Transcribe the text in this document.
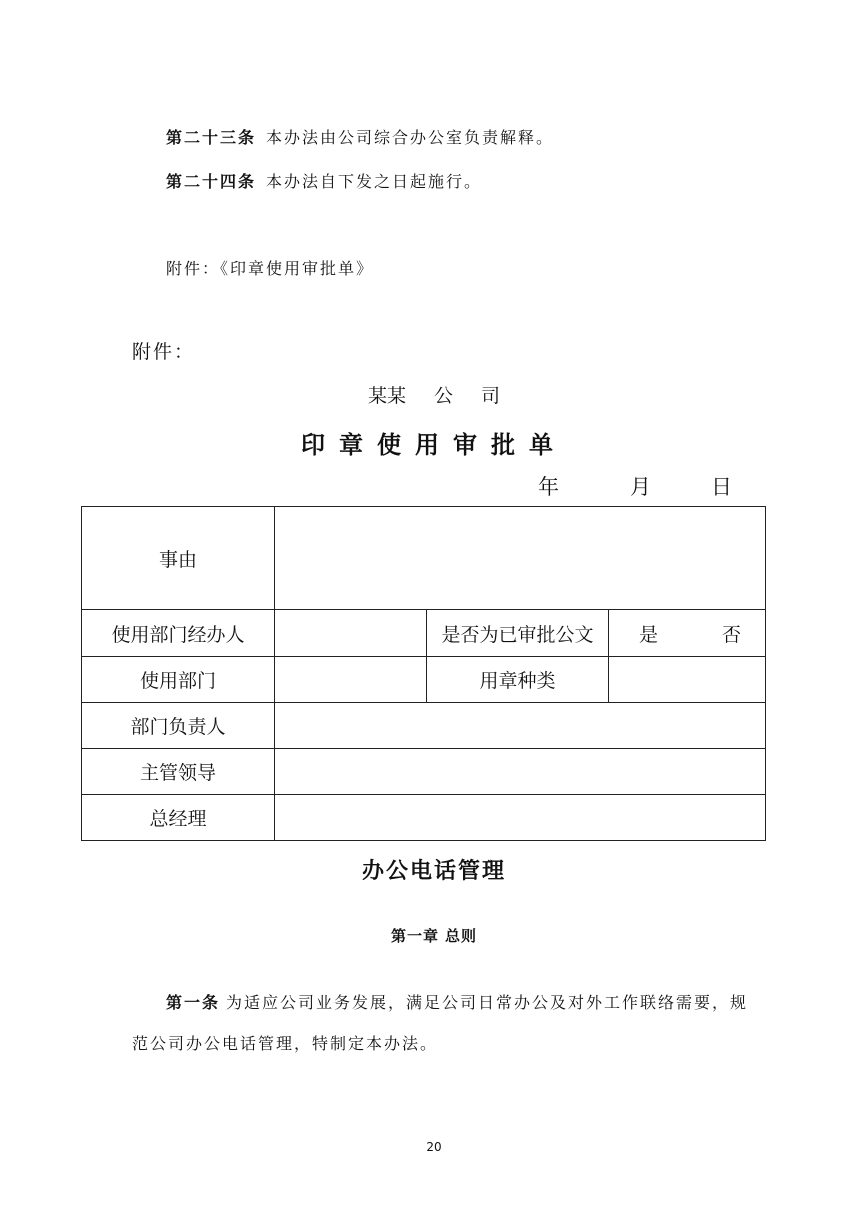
第二十三条 本办法由公司综合办公室负责解释。
第二十四条 本办法自下发之日起施行。
附件：《印章使用审批单》
附件：
某某 公 司
印章使用审批单
年	月	日
事由			
使用部门经办人		是否为已审批公文	是 否

使用部门		用章种类	
部门负责人			
主管领导			
总经理			
办公电话管理
第一章 总则
第一条 为适应公司业务发展，满足公司日常办公及对外工作联络需要，规
范公司办公电话管理，特制定本办法。
20
